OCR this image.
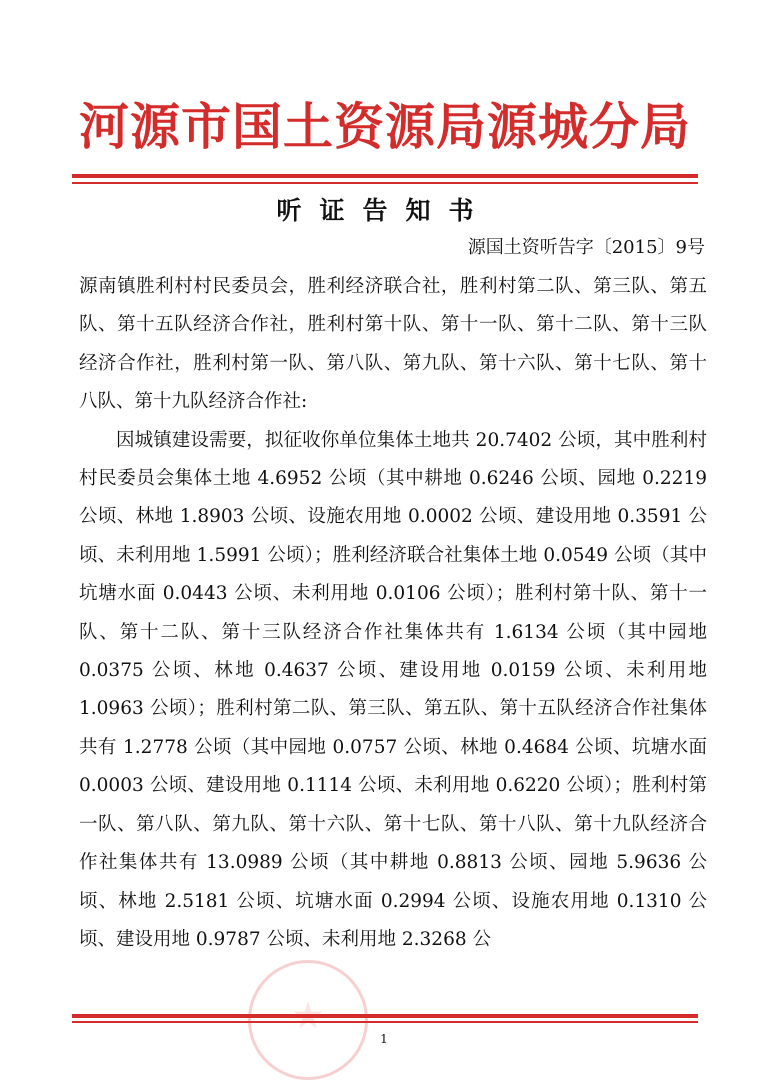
河源市国土资源局源城分局
听证告知书
源国土资听告字〔2015〕9号

源南镇胜利村村民委员会，胜利经济联合社，胜利村第二队、第三队、第五队、第十五队经济合作社，胜利村第十队、第十一队、第十二队、第十三队经济合作社，胜利村第一队、第八队、第九队、第十六队、第十七队、第十八队、第十九队经济合作社:

因城镇建设需要，拟征收你单位集体土地共 20.7402 公顷，其中胜利村村民委员会集体土地 4.6952 公顷（其中耕地 0.6246 公顷、园地 0.2219 公顷、林地 1.8903 公顷、设施农用地 0.0002 公顷、建设用地 0.3591 公顷、未利用地 1.5991 公顷）；胜利经济联合社集体土地 0.0549 公顷（其中坑塘水面 0.0443 公顷、未利用地 0.0106 公顷）；胜利村第十队、第十一队、第十二队、第十三队经济合作社集体共有 1.6134 公顷（其中园地 0.0375 公顷、林地 0.4637 公顷、建设用地 0.0159 公顷、未利用地 1.0963 公顷）；胜利村第二队、第三队、第五队、第十五队经济合作社集体共有 1.2778 公顷（其中园地 0.0757 公顷、林地 0.4684 公顷、坑塘水面 0.0003 公顷、建设用地 0.1114 公顷、未利用地 0.6220 公顷）；胜利村第一队、第八队、第九队、第十六队、第十七队、第十八队、第十九队经济合作社集体共有 13.0989 公顷（其中耕地 0.8813 公顷、园地 5.9636 公顷、林地 2.5181 公顷、坑塘水面 0.2994 公顷、设施农用地 0.1310 公顷、建设用地 0.9787 公顷、未利用地 2.3268 公

1
